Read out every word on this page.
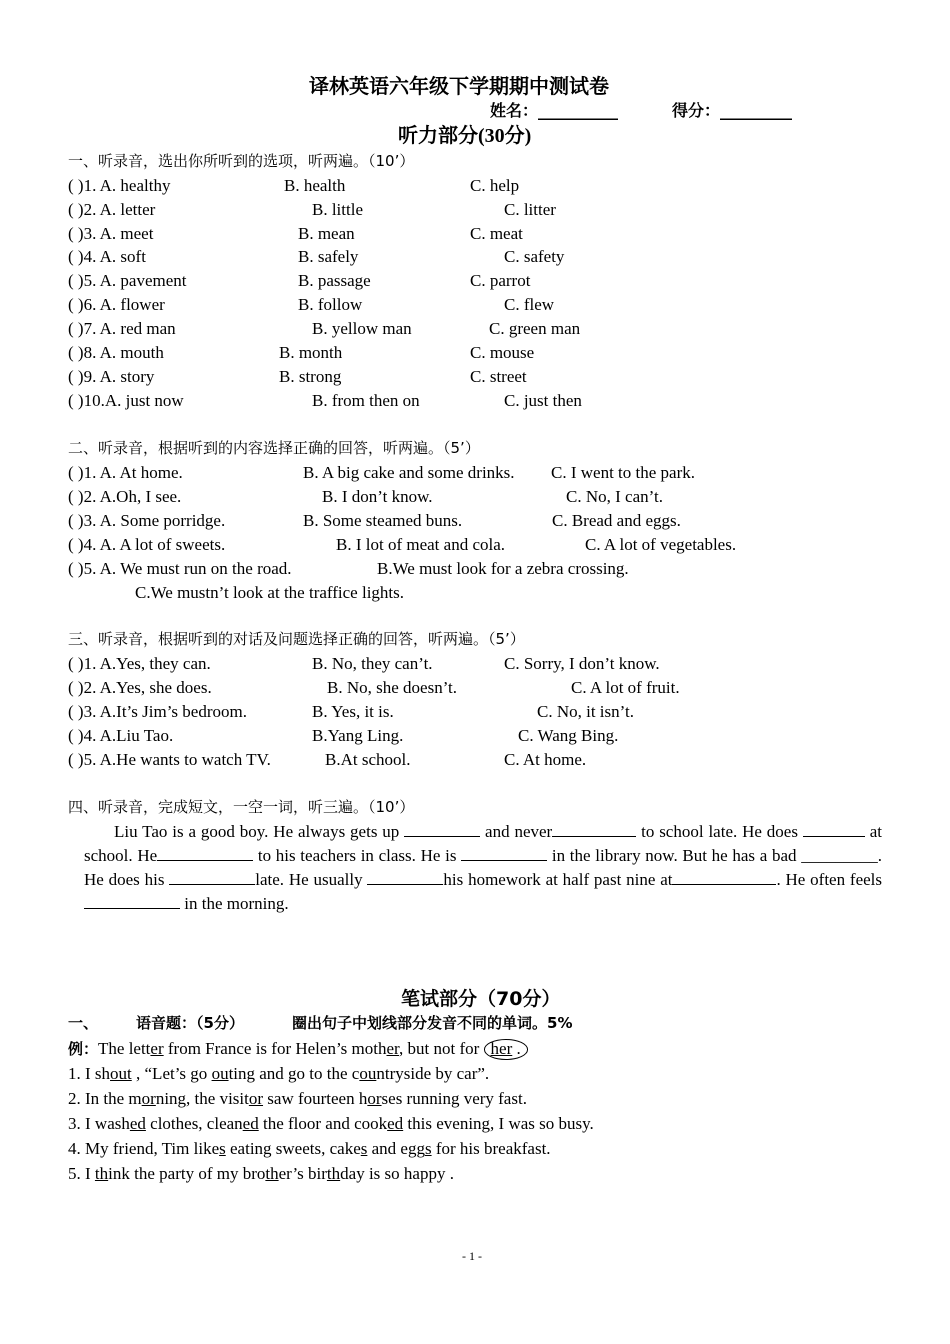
译林英语六年级下学期期中测试卷
姓名：__________	得分：_________
听力部分(30分)
一、听录音，选出你所听到的选项，听两遍。（10’）
( )1. A. healthy	B. health	C. help
( )2. A. letter	B. little	C. litter
( )3. A. meet	B. mean	C. meat
( )4. A. soft	B. safely	C. safety
( )5. A. pavement	B. passage	C. parrot
( )6. A. flower	B. follow	C. flew
( )7. A. red man	B. yellow man	C. green man
( )8. A. mouth	B. month	C. mouse
( )9. A. story	B. strong	C. street
( )10.A. just now	B. from then on	C. just then
二、听录音，根据听到的内容选择正确的回答，听两遍。（5’）
( )1. A. At home.	B. A big cake and some drinks. C. I went to the park.
( )2. A.Oh, I see.	B. I don’t know.	C. No, I can’t.
( )3. A. Some porridge.	B. Some steamed buns.	C. Bread and eggs.
( )4. A. A lot of sweets.	B. I lot of meat and cola.	C. A lot of vegetables.
( )5. A. We must run on the road.	B.We must look for a zebra crossing.
C.We mustn’t look at the traffice lights.
三、听录音，根据听到的对话及问题选择正确的回答，听两遍。（5’）
( )1. A.Yes, they can.	B. No, they can’t.	C. Sorry, I don’t know.
( )2. A.Yes, she does.	B. No, she doesn’t.	C. A lot of fruit.
( )3. A.It’s Jim’s bedroom.	B. Yes, it is.	C. No, it isn’t.
( )4. A.Liu Tao.	B.Yang Ling.	C. Wang Bing.
( )5. A.He wants to watch TV.	B.At school.	C. At home.
四、听录音，完成短文，一空一词，听三遍。（10’）
Liu Tao is a good boy. He always gets up	and never	to school late. He does	at school. He	to his teachers in class. He is	in the library now. But he has a bad _________. He does his	late. He usually	his homework at half past nine at	. He often feels  in the morning.
笔试部分（70分）
一、	语音题：（5分）	圈出句子中划线部分发音不同的单词。5%
例：The letter from France is for Helen’s mother, but not for her .
1. I shout , “Let’s go outing and go to the countryside by car”.
2. In the morning, the visitor saw fourteen horses running very fast.
3. I washed clothes, cleaned the floor and cooked this evening, I was so busy.
4. My friend, Tim likes eating sweets, cakes and eggs for his breakfast.
5. I think the party of my brother’s birthday is so happy .
- 1 -
